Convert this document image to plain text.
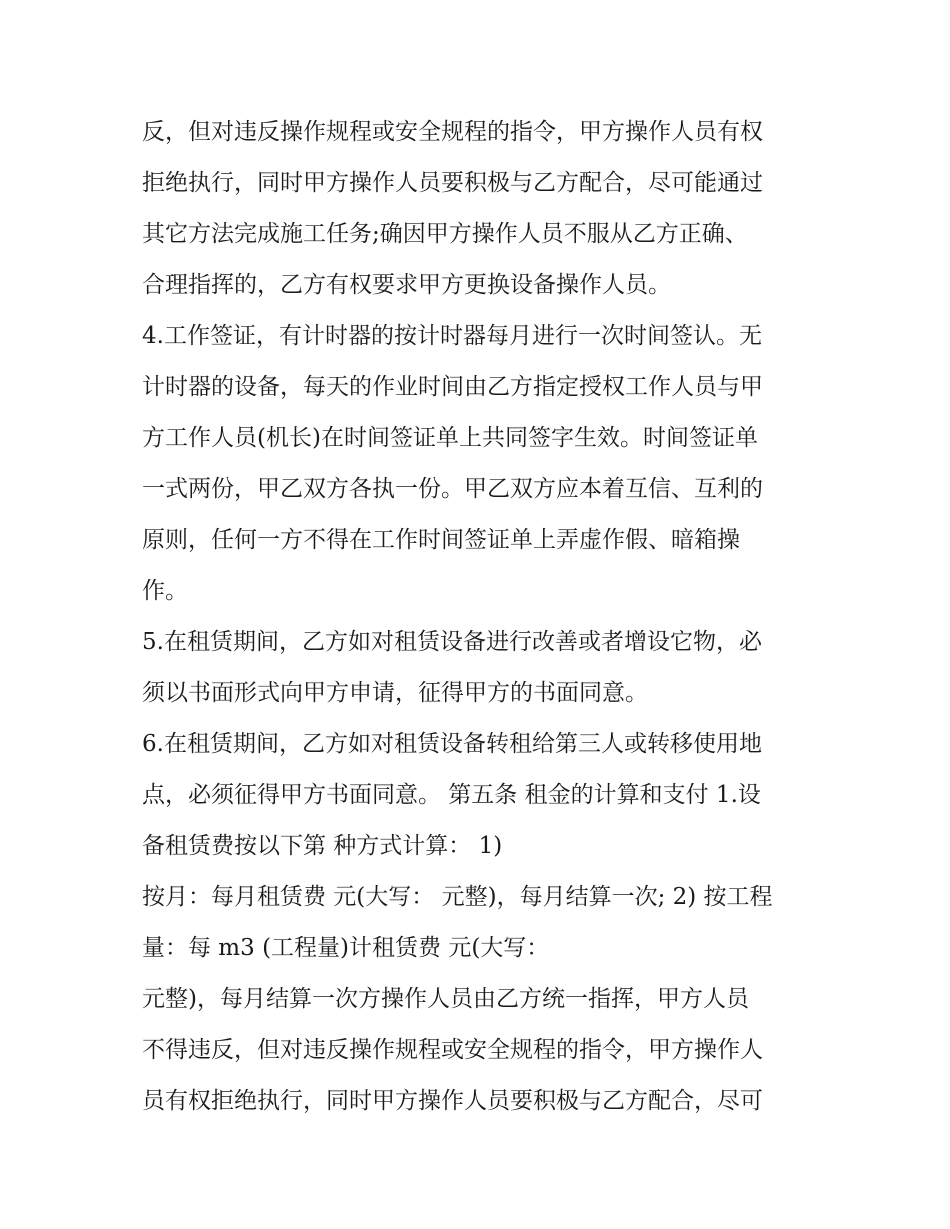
反，但对违反操作规程或安全规程的指令，甲方操作人员有权
拒绝执行，同时甲方操作人员要积极与乙方配合，尽可能通过
其它方法完成施工任务;确因甲方操作人员不服从乙方正确、
合理指挥的，乙方有权要求甲方更换设备操作人员。
4.工作签证，有计时器的按计时器每月进行一次时间签认。无
计时器的设备，每天的作业时间由乙方指定授权工作人员与甲
方工作人员(机长)在时间签证单上共同签字生效。时间签证单
一式两份，甲乙双方各执一份。甲乙双方应本着互信、互利的
原则，任何一方不得在工作时间签证单上弄虚作假、暗箱操
作。
5.在租赁期间，乙方如对租赁设备进行改善或者增设它物，必
须以书面形式向甲方申请，征得甲方的书面同意。
6.在租赁期间，乙方如对租赁设备转租给第三人或转移使用地
点，必须征得甲方书面同意。 第五条 租金的计算和支付 1.设
备租赁费按以下第 种方式计算： 1)
按月：每月租赁费 元(大写： 元整)，每月结算一次; 2) 按工程
量：每 m3 (工程量)计租赁费 元(大写：
元整)，每月结算一次方操作人员由乙方统一指挥，甲方人员
不得违反，但对违反操作规程或安全规程的指令，甲方操作人
员有权拒绝执行，同时甲方操作人员要积极与乙方配合，尽可
